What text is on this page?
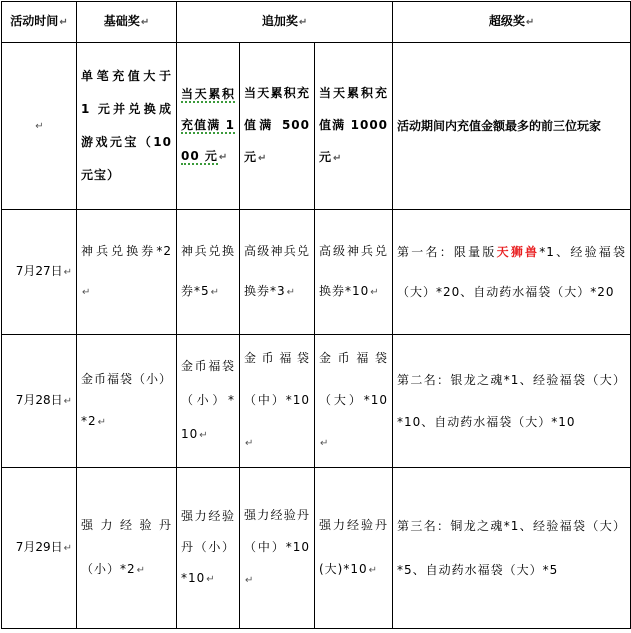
活动时间↵	基础奖↵	追加奖↵			超级奖↵
↵	单笔充值大于 1 元并兑换成游戏元宝（10元宝）	当天累积充值满 100 元↵	当天累积充值满 500元↵	当天累积充值满 1000元↵	活动期间内充值金额最多的前三位玩家
7月27日↵	神兵兑换券*2↵	神兵兑换券*5↵	高级神兵兑换券*3↵	高级神兵兑换券*10↵	第一名：限量版天狮兽*1、经验福袋（大）*20、自动药水福袋（大）*20
7月28日↵	金币福袋（小）*2↵	金币福袋（小）*10↵	金币福袋（中）*10↵	金币福袋（大）*10↵	第二名：银龙之魂*1、经验福袋（大）*10、自动药水福袋（大）*10
7月29日↵	强力经验丹（小）*2↵	强力经验丹（小）*10↵	强力经验丹（中）*10↵	强力经验丹(大)*10↵	第三名：铜龙之魂*1、经验福袋（大）*5、自动药水福袋（大）*5
